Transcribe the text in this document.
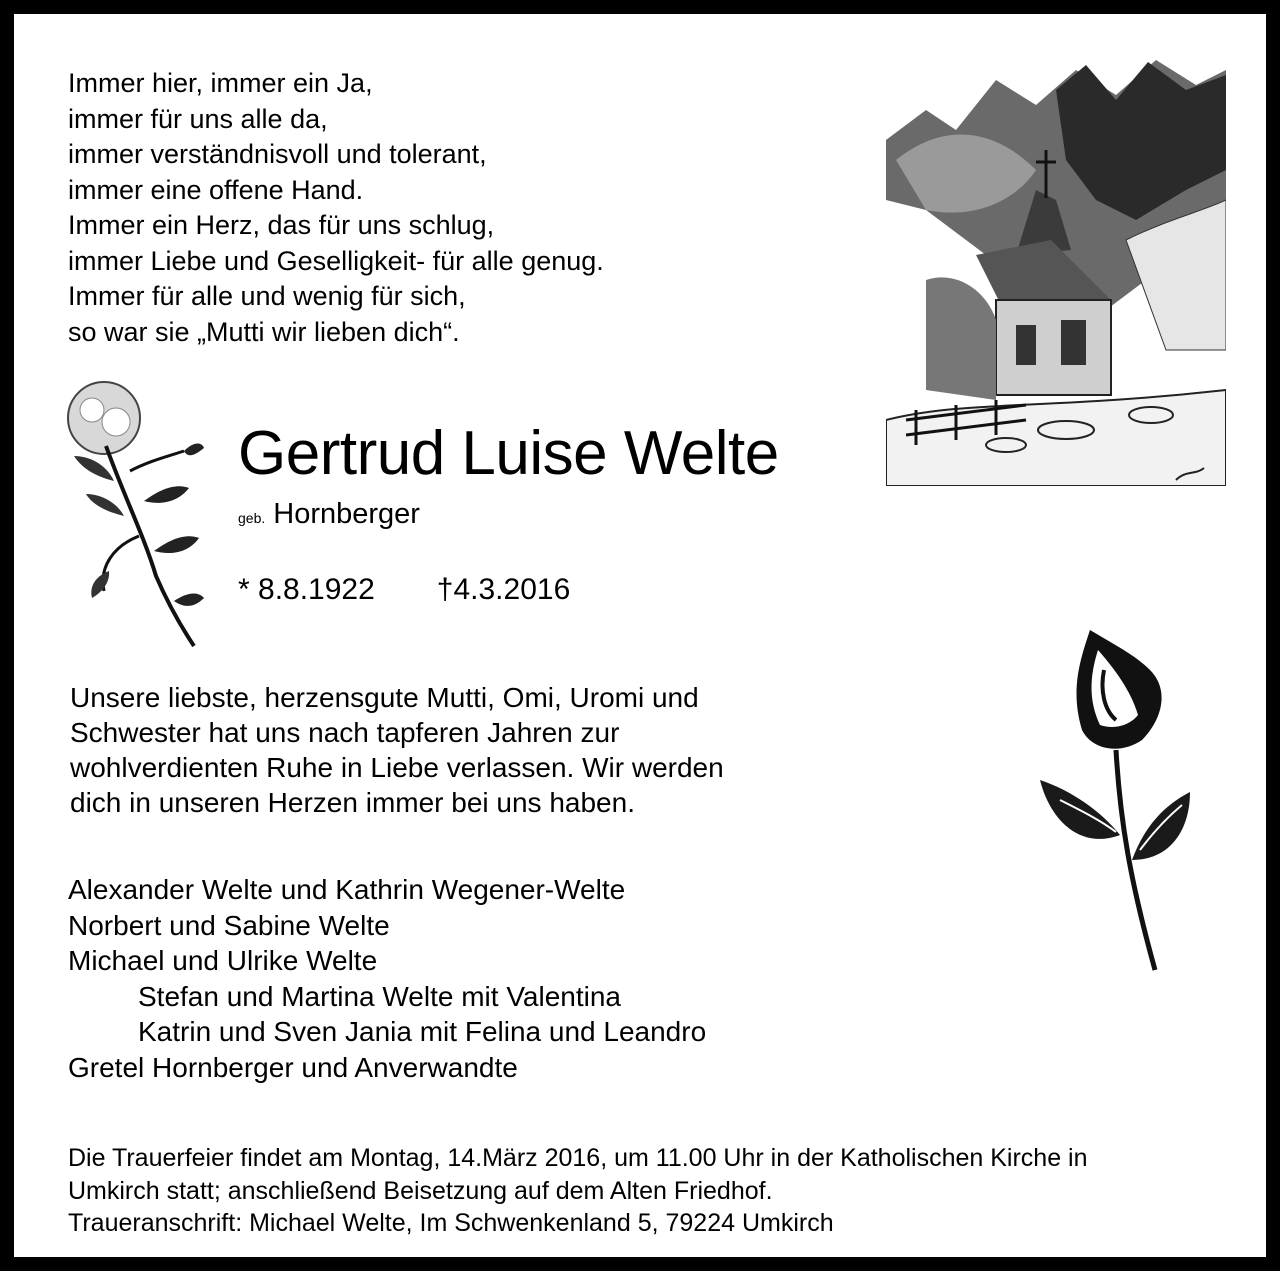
Immer hier, immer ein Ja,
immer für uns alle da,
immer verständnisvoll und tolerant,
immer eine offene Hand.
Immer ein Herz, das für uns schlug,
immer Liebe und Geselligkeit- für alle genug.
Immer für alle und wenig für sich,
so war sie „Mutti wir lieben dich“.
Gertrud Luise Welte
geb. Hornberger
* 8.8.1922 †4.3.2016
Unsere liebste, herzensgute Mutti, Omi, Uromi und
Schwester hat uns nach tapferen Jahren zur
wohlverdienten Ruhe in Liebe verlassen. Wir werden
dich in unseren Herzen immer bei uns haben.
Alexander Welte und Kathrin Wegener-Welte
Norbert und Sabine Welte
Michael und Ulrike Welte
Stefan und Martina Welte mit Valentina
Katrin und Sven Jania mit Felina und Leandro
Gretel Hornberger und Anverwandte
Die Trauerfeier findet am Montag, 14.März 2016, um 11.00 Uhr in der Katholischen Kirche in
Umkirch statt; anschließend Beisetzung auf dem Alten Friedhof.
Traueranschrift: Michael Welte, Im Schwenkenland 5, 79224 Umkirch
